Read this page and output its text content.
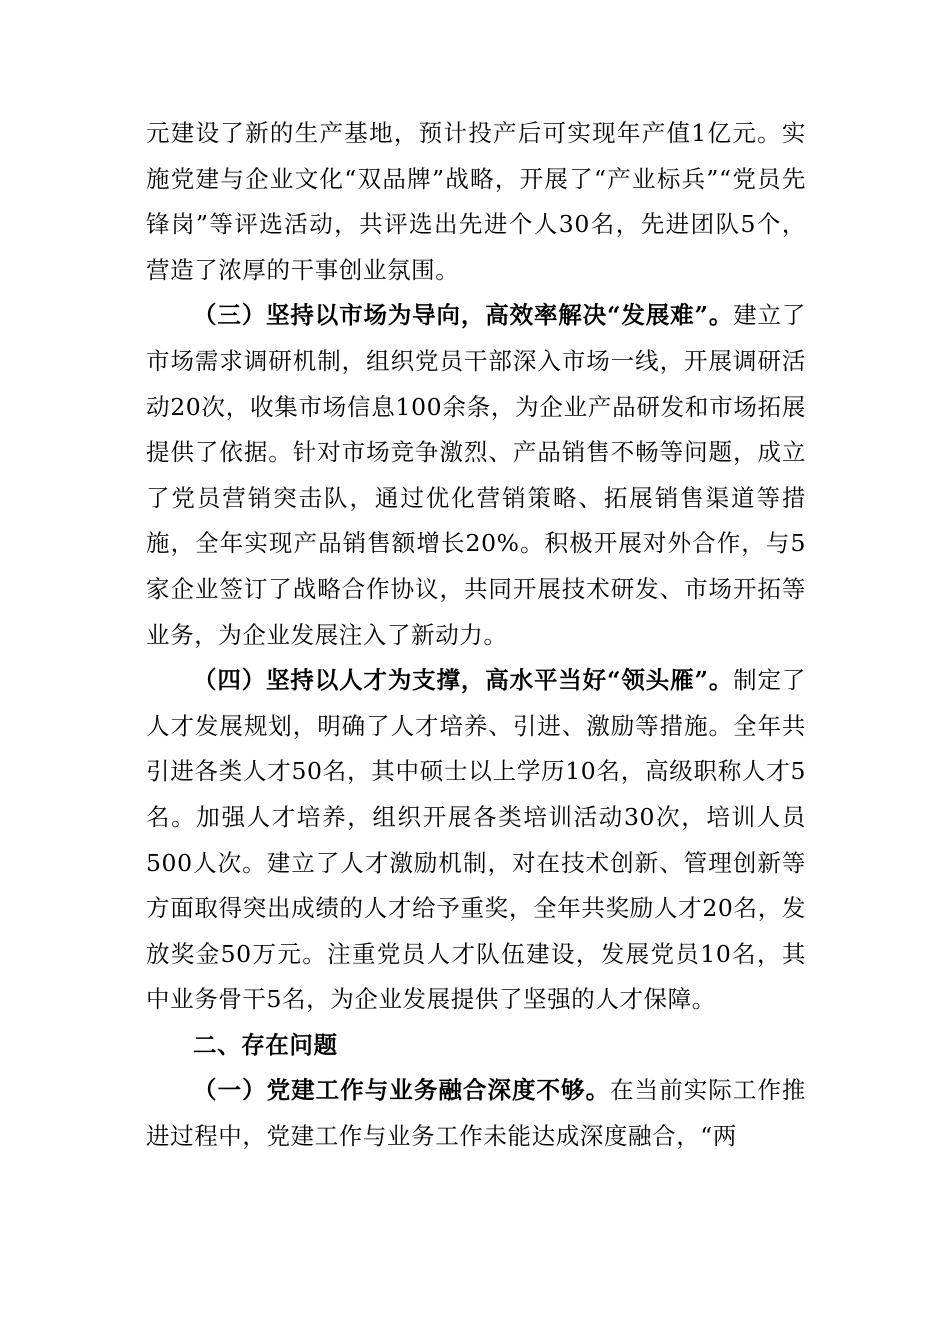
元建设了新的生产基地，预计投产后可实现年产值1亿元。实施党建与企业文化“双品牌”战略，开展了“产业标兵”“党员先锋岗”等评选活动，共评选出先进个人30名，先进团队5个，营造了浓厚的干事创业氛围。

（三）坚持以市场为导向，高效率解决“发展难”。建立了市场需求调研机制，组织党员干部深入市场一线，开展调研活动20次，收集市场信息100余条，为企业产品研发和市场拓展提供了依据。针对市场竞争激烈、产品销售不畅等问题，成立了党员营销突击队，通过优化营销策略、拓展销售渠道等措施，全年实现产品销售额增长20%。积极开展对外合作，与5家企业签订了战略合作协议，共同开展技术研发、市场开拓等业务，为企业发展注入了新动力。

（四）坚持以人才为支撑，高水平当好“领头雁”。制定了人才发展规划，明确了人才培养、引进、激励等措施。全年共引进各类人才50名，其中硕士以上学历10名，高级职称人才5名。加强人才培养，组织开展各类培训活动30次，培训人员500人次。建立了人才激励机制，对在技术创新、管理创新等方面取得突出成绩的人才给予重奖，全年共奖励人才20名，发放奖金50万元。注重党员人才队伍建设，发展党员10名，其中业务骨干5名，为企业发展提供了坚强的人才保障。

二、存在问题

（一）党建工作与业务融合深度不够。在当前实际工作推进过程中，党建工作与业务工作未能达成深度融合，“两
